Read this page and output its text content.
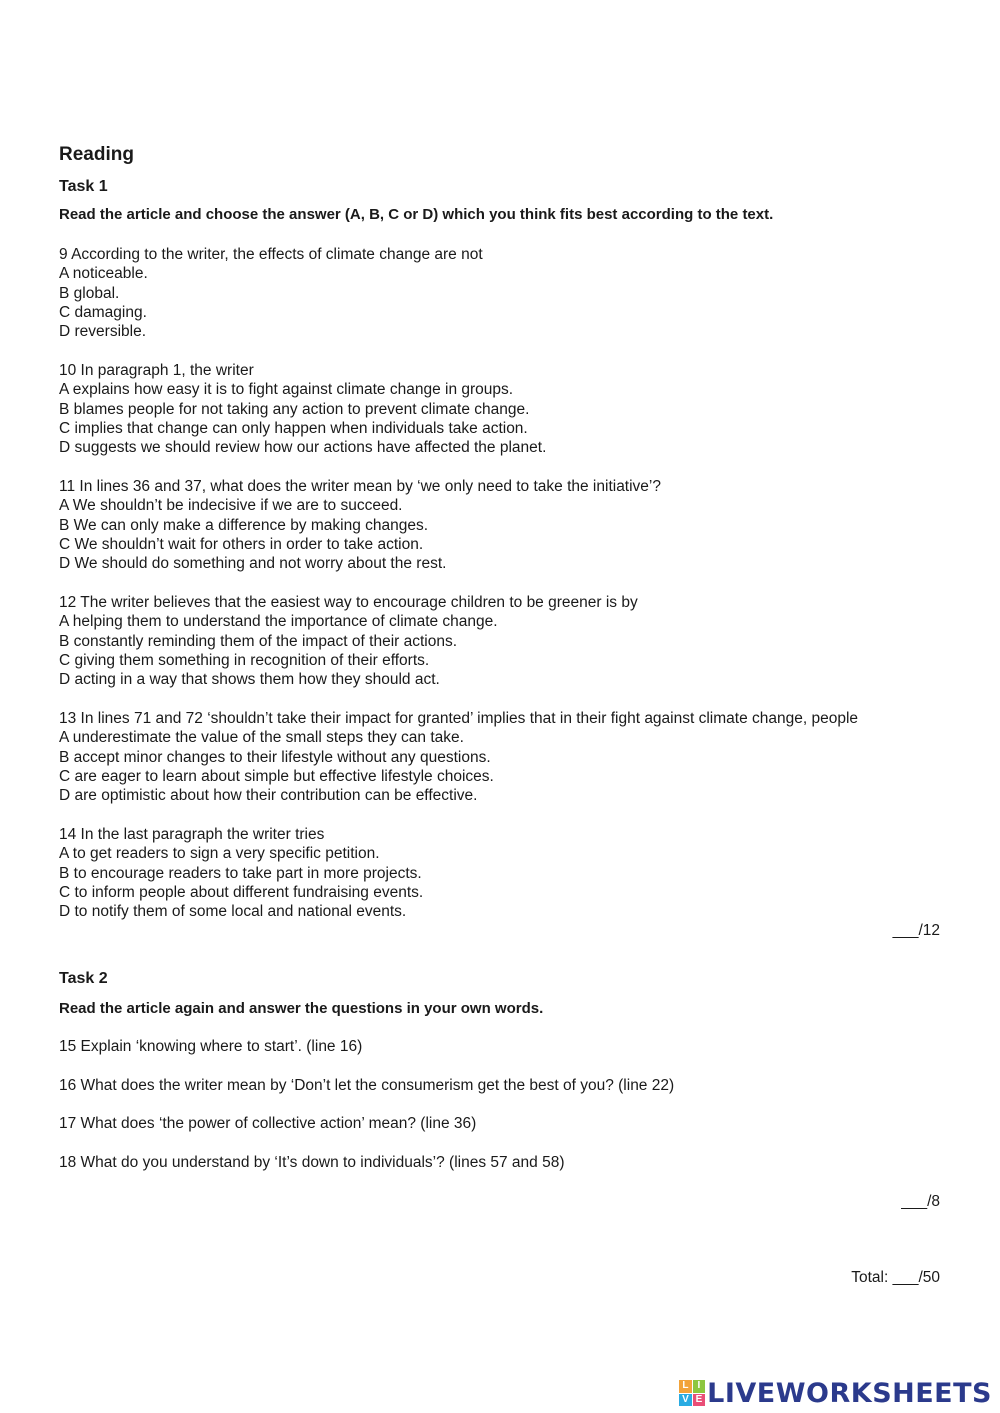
Reading
Task 1
Read the article and choose the answer (A, B, C or D) which you think fits best according to the text.
9 According to the writer, the effects of climate change are not
A noticeable.
B global.
C damaging.
D reversible.
10 In paragraph 1, the writer
A explains how easy it is to fight against climate change in groups.
B blames people for not taking any action to prevent climate change.
C implies that change can only happen when individuals take action.
D suggests we should review how our actions have affected the planet.
11 In lines 36 and 37, what does the writer mean by ‘we only need to take the initiative’?
A We shouldn’t be indecisive if we are to succeed.
B We can only make a difference by making changes.
C We shouldn’t wait for others in order to take action.
D We should do something and not worry about the rest.
12 The writer believes that the easiest way to encourage children to be greener is by
A helping them to understand the importance of climate change.
B constantly reminding them of the impact of their actions.
C giving them something in recognition of their efforts.
D acting in a way that shows them how they should act.
13 In lines 71 and 72 ‘shouldn’t take their impact for granted’ implies that in their fight against climate change, people
A underestimate the value of the small steps they can take.
B accept minor changes to their lifestyle without any questions.
C are eager to learn about simple but effective lifestyle choices.
D are optimistic about how their contribution can be effective.
14 In the last paragraph the writer tries
A to get readers to sign a very specific petition.
B to encourage readers to take part in more projects.
C to inform people about different fundraising events.
D to notify them of some local and national events.
___/12
Task 2
Read the article again and answer the questions in your own words.
15 Explain ‘knowing where to start’. (line 16)
16 What does the writer mean by ‘Don’t let the consumerism get the best of you? (line 22)
17 What does ‘the power of collective action’ mean? (line 36)
18 What do you understand by ‘It’s down to individuals’? (lines 57 and 58)
___/8
Total: ___/50
L I
V E LIVEWORKSHEETS
